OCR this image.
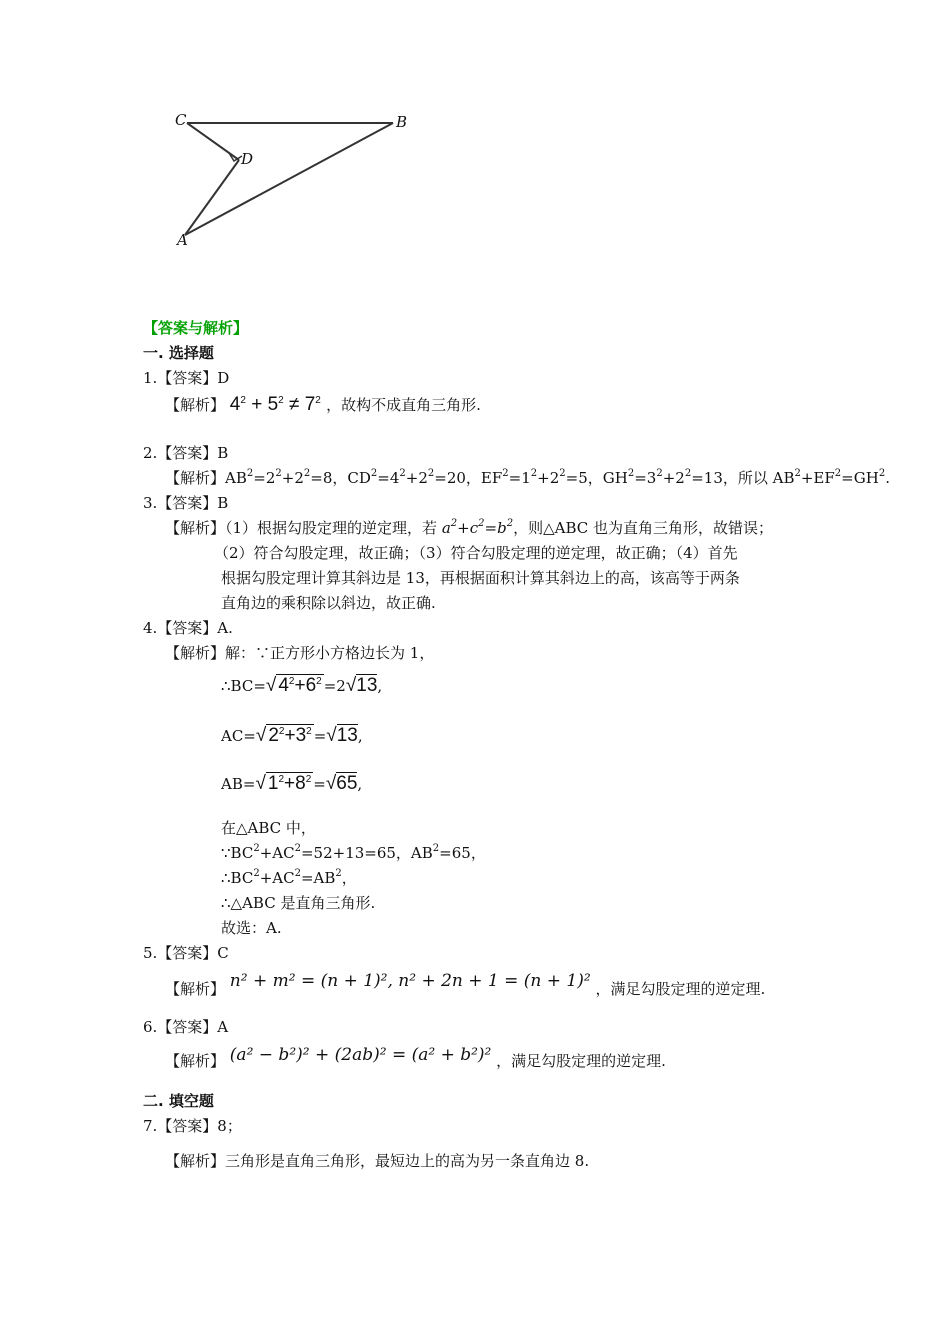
C	B
D
A
【答案与解析】
一. 选择题
1.【答案】D
【解析】 $4^2 + 5^2 \ne 7^2$ ，故构不成直角三角形.
2.【答案】B
【解析】$AB^2=2^2+2^2=8$，$CD^2=4^2+2^2=20$，$EF^2=1^2+2^2=5$，$GH^2=3^2+2^2=13$，所以 $AB^2+EF^2=GH^2$.
3.【答案】B
【解析】（1）根据勾股定理的逆定理，若 $a^2+c^2=b^2$，则△ABC 也为直角三角形，故错误；
（2）符合勾股定理，故正确；（3）符合勾股定理的逆定理，故正确；（4）首先
根据勾股定理计算其斜边是 13，再根据面积计算其斜边上的高，该高等于两条
直角边的乘积除以斜边，故正确.
4.【答案】A.
【解析】解：∵正方形小方格边长为 1，
∴BC=√ $4^2+6^2 =2√13$,
AC=√ $2^2+3^2 =√13$,
AB=√ $1^2+8^2 =√65$,
在△ABC 中，
$\because BC^2+AC^2=52+13=65$，$AB^2=65$，
$\therefore BC^2+AC^2=AB^2$，
∴△ABC 是直角三角形.
故选：A.
5.【答案】C
【解析】 n² + m² = (n + 1)², n² + 2n + 1 = (n + 1)² ，满足勾股定理的逆定理.
6.【答案】A
【解析】 (a² − b²)² + (2ab)² = (a² + b²)² ，满足勾股定理的逆定理.
二. 填空题
7.【答案】8；
【解析】三角形是直角三角形，最短边上的高为另一条直角边 8.
